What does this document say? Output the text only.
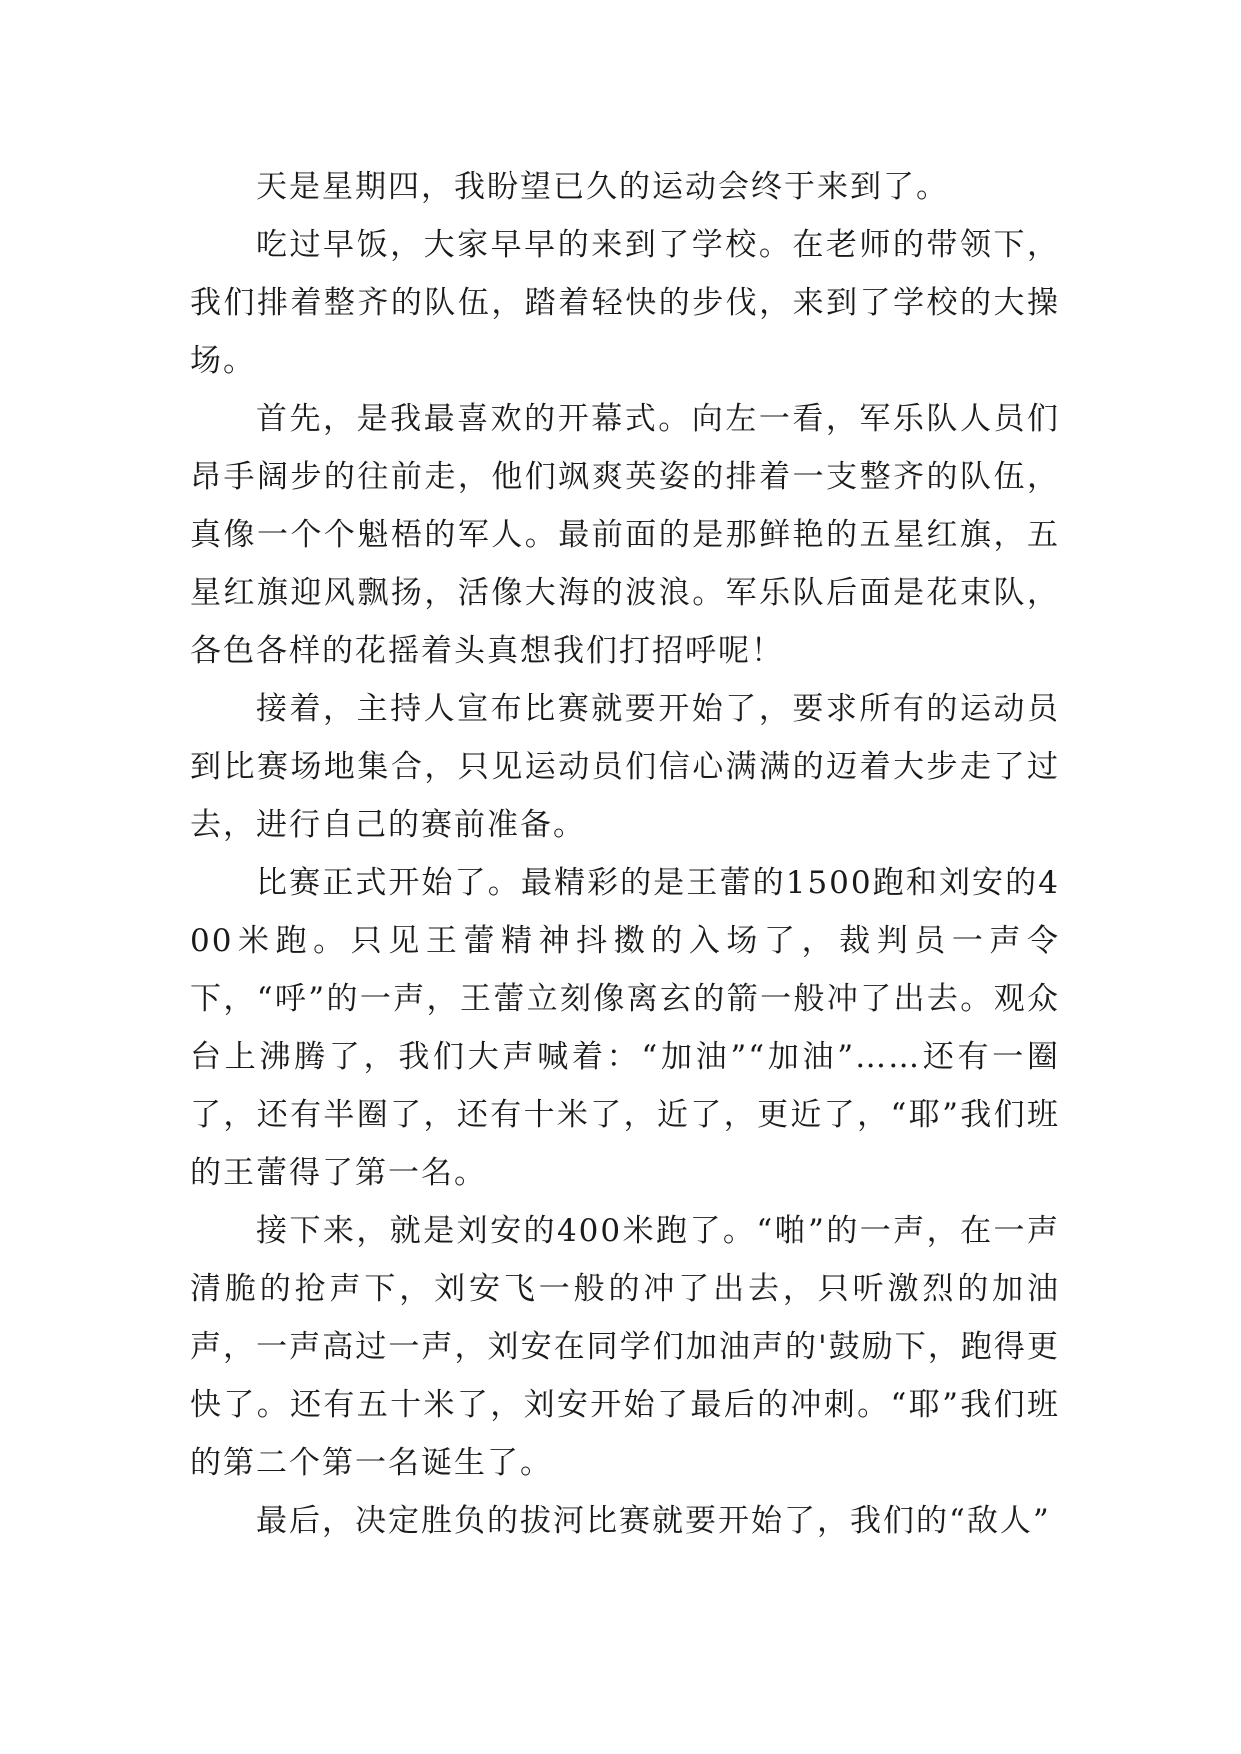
天是星期四，我盼望已久的运动会终于来到了。

吃过早饭，大家早早的来到了学校。在老师的带领下，我们排着整齐的队伍，踏着轻快的步伐，来到了学校的大操场。

首先，是我最喜欢的开幕式。向左一看，军乐队人员们昂手阔步的往前走，他们飒爽英姿的排着一支整齐的队伍，真像一个个魁梧的军人。最前面的是那鲜艳的五星红旗，五星红旗迎风飘扬，活像大海的波浪。军乐队后面是花束队，各色各样的花摇着头真想我们打招呼呢！

接着，主持人宣布比赛就要开始了，要求所有的运动员到比赛场地集合，只见运动员们信心满满的迈着大步走了过去，进行自己的赛前准备。

比赛正式开始了。最精彩的是王蕾的1500跑和刘安的400米跑。只见王蕾精神抖擞的入场了，裁判员一声令下，“呼”的一声，王蕾立刻像离玄的箭一般冲了出去。观众台上沸腾了，我们大声喊着：“加油”“加油”……还有一圈了，还有半圈了，还有十米了，近了，更近了，“耶”我们班的王蕾得了第一名。

接下来，就是刘安的400米跑了。“啪”的一声，在一声清脆的抢声下，刘安飞一般的冲了出去，只听激烈的加油声，一声高过一声，刘安在同学们加油声的'鼓励下，跑得更快了。还有五十米了，刘安开始了最后的冲刺。“耶”我们班的第二个第一名诞生了。

最后，决定胜负的拔河比赛就要开始了，我们的“敌人”
